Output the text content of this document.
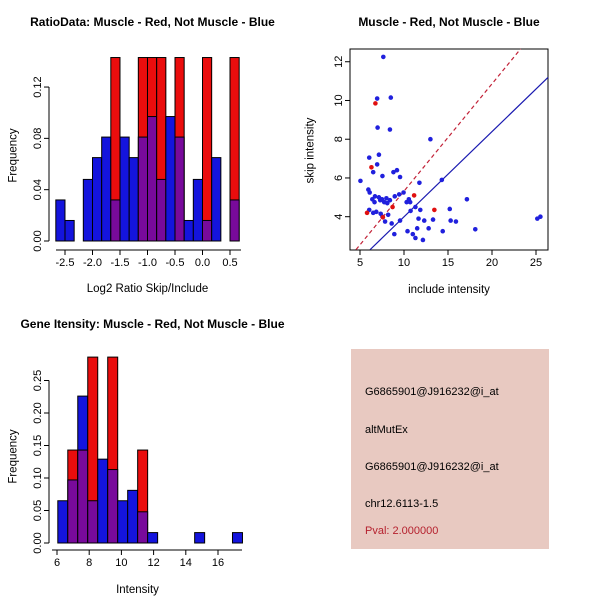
RatioData: Muscle - Red, Not Muscle - Blue	Muscle - Red, Not Muscle - Blue
Gene Itensity: Muscle - Red, Not Muscle - Blue
-2.5 -2.0 -1.5 -1.0 -0.5 0.0 0.5
0.00
0.04
0.08
0.12
5	10	15	20	25
4
6
8
10
12
6 8 10 12 14 16
0.00
0.05
0.10
0.15
0.20
0.25
Log2 Ratio Skip/Include
Frequency
include intensity
skip intensity
Intensity
Frequency
G6865901@J916232@i_at
altMutEx
G6865901@J916232@i_at
chr12.6113-1.5
Pval: 2.000000
